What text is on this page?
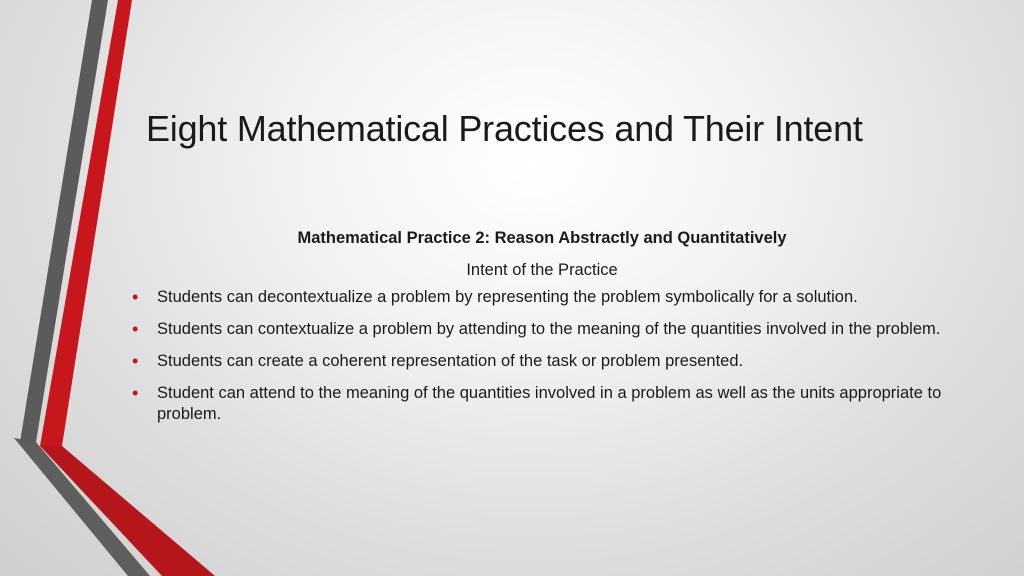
Eight Mathematical Practices and Their Intent
Mathematical Practice 2: Reason Abstractly and Quantitatively
Intent of the Practice
• Students can decontextualize a problem by representing the problem symbolically for a solution.
• Students can contextualize a problem by attending to the meaning of the quantities involved in the problem.
• Students can create a coherent representation of the task or problem presented.
• Student can attend to the meaning of the quantities involved in a problem as well as the units appropriate to problem.
